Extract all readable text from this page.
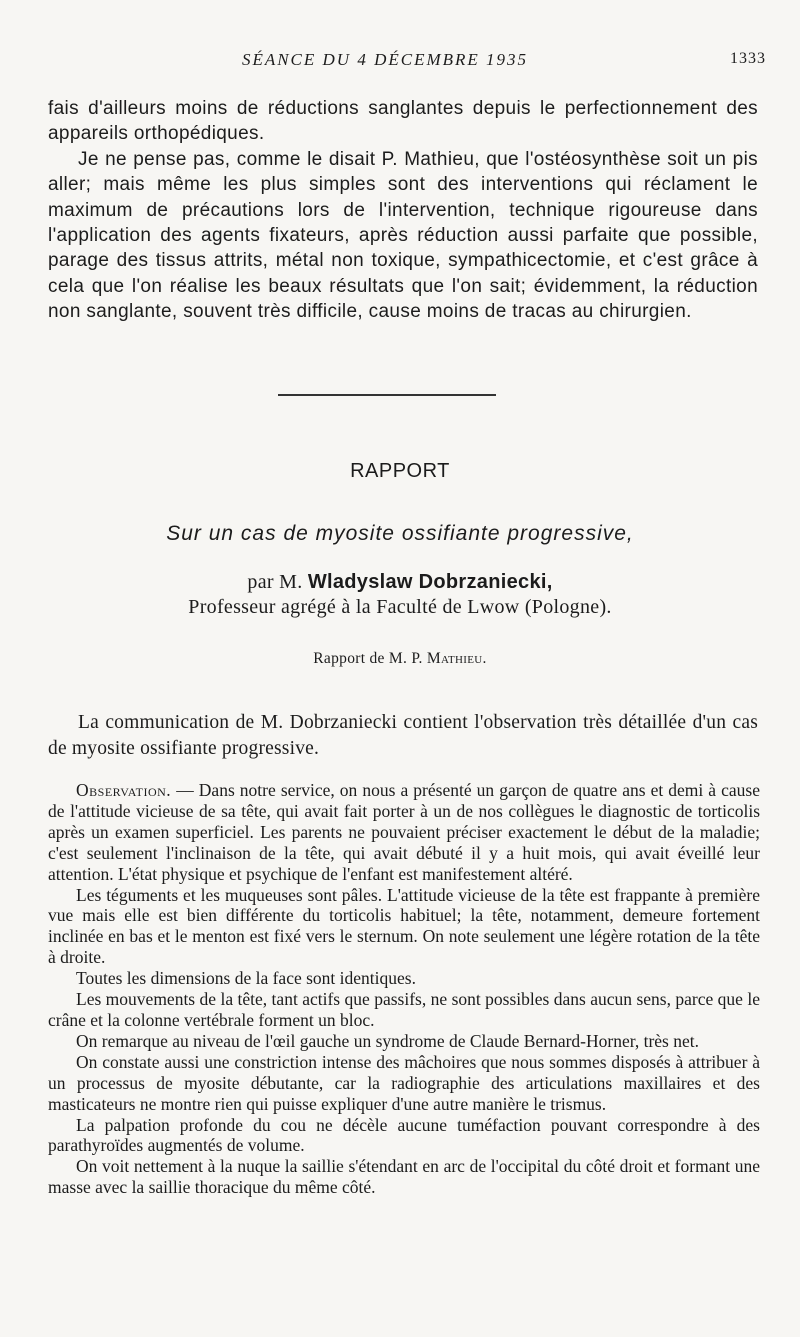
SÉANCE DU 4 DÉCEMBRE 1935	1333

fais d'ailleurs moins de réductions sanglantes depuis le perfectionnement des appareils orthopédiques.

Je ne pense pas, comme le disait P. Mathieu, que l'ostéosynthèse soit un pis aller; mais même les plus simples sont des interventions qui réclament le maximum de précautions lors de l'intervention, technique rigoureuse dans l'application des agents fixateurs, après réduction aussi parfaite que possible, parage des tissus attrits, métal non toxique, sympathicectomie, et c'est grâce à cela que l'on réalise les beaux résultats que l'on sait; évidemment, la réduction non sanglante, souvent très difficile, cause moins de tracas au chirurgien.

RAPPORT
Sur un cas de myosite ossifiante progressive,
par M. Wladyslaw Dobrzaniecki,
Professeur agrégé à la Faculté de Lwow (Pologne).
Rapport de M. P. Mathieu.

La communication de M. Dobrzaniecki contient l'observation très détaillée d'un cas de myosite ossifiante progressive.

Observation. — Dans notre service, on nous a présenté un garçon de quatre ans et demi à cause de l'attitude vicieuse de sa tête, qui avait fait porter à un de nos collègues le diagnostic de torticolis après un examen superficiel. Les parents ne pouvaient préciser exactement le début de la maladie; c'est seulement l'inclinaison de la tête, qui avait débuté il y a huit mois, qui avait éveillé leur attention. L'état physique et psychique de l'enfant est manifestement altéré.

Les téguments et les muqueuses sont pâles. L'attitude vicieuse de la tête est frappante à première vue mais elle est bien différente du torticolis habituel; la tête, notamment, demeure fortement inclinée en bas et le menton est fixé vers le sternum. On note seulement une légère rotation de la tête à droite.

Toutes les dimensions de la face sont identiques.

Les mouvements de la tête, tant actifs que passifs, ne sont possibles dans aucun sens, parce que le crâne et la colonne vertébrale forment un bloc.

On remarque au niveau de l'œil gauche un syndrome de Claude Bernard-Horner, très net.

On constate aussi une constriction intense des mâchoires que nous sommes disposés à attribuer à un processus de myosite débutante, car la radiographie des articulations maxillaires et des masticateurs ne montre rien qui puisse expliquer d'une autre manière le trismus.

La palpation profonde du cou ne décèle aucune tuméfaction pouvant correspondre à des parathyroïdes augmentés de volume.

On voit nettement à la nuque la saillie s'étendant en arc de l'occipital du côté droit et formant une masse avec la saillie thoracique du même côté.
